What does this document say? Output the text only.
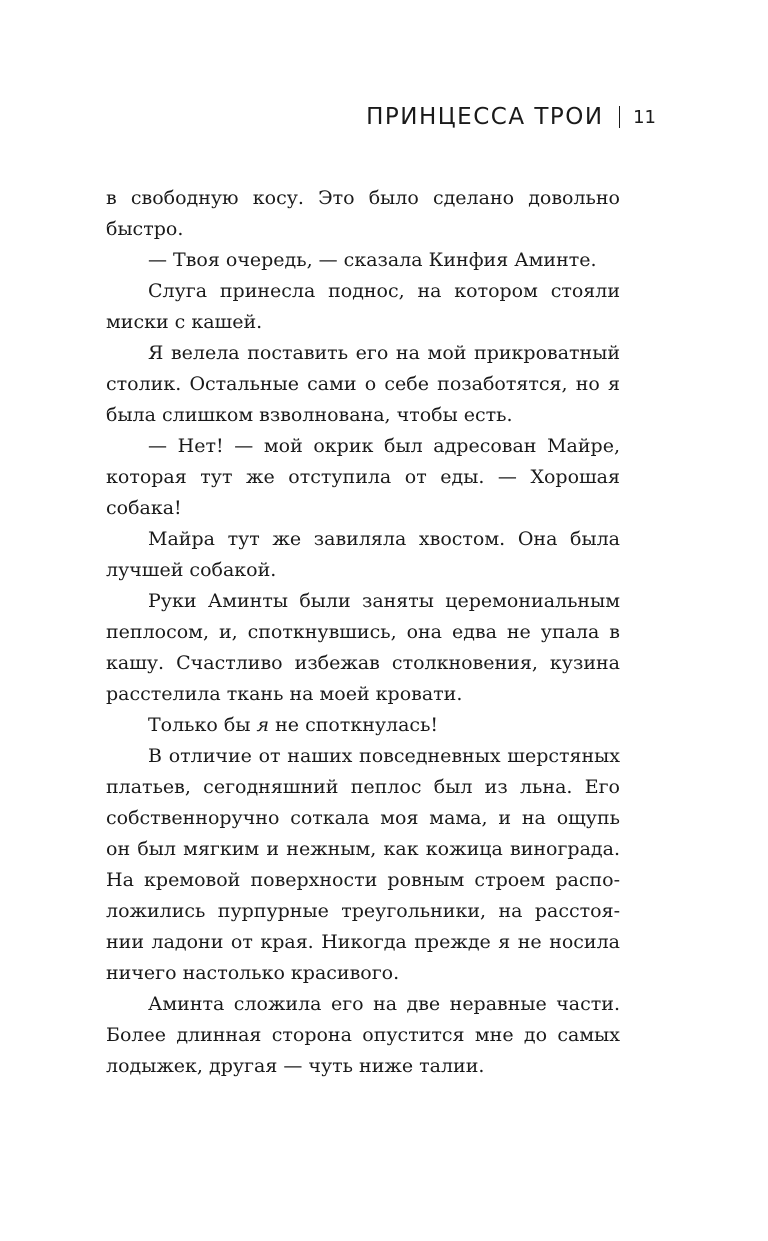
ПРИНЦЕССА ТРОИ 11

в свободную косу. Это было сделано довольно быстро.

— Твоя очередь, — сказала Кинфия Аминте.

Слуга принесла поднос, на котором стояли миски с кашей.

Я велела поставить его на мой прикроватный столик. Остальные сами о себе позаботятся, но я была слишком взволнована, чтобы есть.

— Нет! — мой окрик был адресован Майре, которая тут же отступила от еды. — Хорошая собака!

Майра тут же завиляла хвостом. Она была лучшей собакой.

Руки Аминты были заняты церемониальным пеплосом, и, споткнувшись, она едва не упала в кашу. Счастливо избежав столкновения, кузина расстелила ткань на моей кровати.

Только бы я не споткнулась!

В отличие от наших повседневных шерстяных платьев, сегодняшний пеплос был из льна. Его собственноручно соткала моя мама, и на ощупь он был мягким и нежным, как кожица винограда. На кремовой поверхности ровным строем расположились пурпурные треугольники, на расстоянии ладони от края. Никогда прежде я не носила ничего настолько красивого.

Аминта сложила его на две неравные части. Более длинная сторона опустится мне до самых лодыжек, другая — чуть ниже талии.
